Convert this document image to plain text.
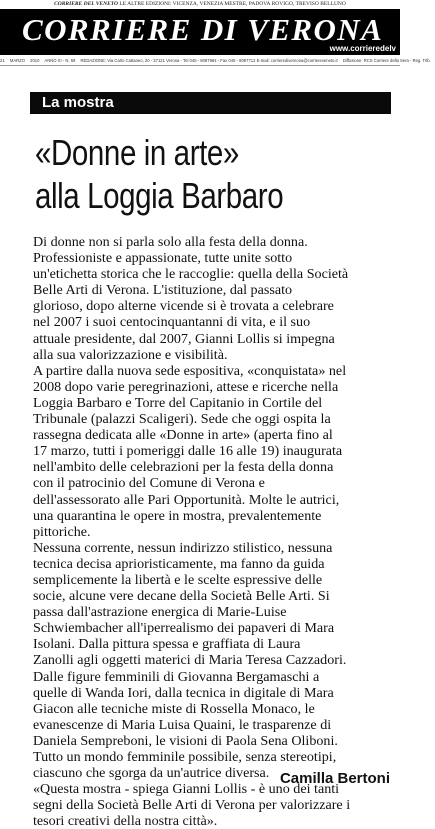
CORRIERE DEL VENETO LE ALTRE EDIZIONI: VICENZA, VENEZIA MESTRE, PADOVA ROVIGO, TREVISO BELLUNO
CORRIERE DI VERONA
www.corrieredelv
21 MARZO 2010 ANNO XI - N. 59 REDAZIONE: Via Carlo Cattaneo, 20 - 37121 Verona - Tel 045 - 8087984 - Fax 045 - 8087712 E-mail: corrieredivernona@corriereveneto.it Diffusione: RCS Corriere della Sera - Reg. Trib.
La mostra
«Donne in arte»
alla Loggia Barbaro
Di donne non si parla solo alla festa della donna.
Professioniste e appassionate, tutte unite sotto
un'etichetta storica che le raccoglie: quella della Società
Belle Arti di Verona. L'istituzione, dal passato
glorioso, dopo alterne vicende si è trovata a celebrare
nel 2007 i suoi centocinquantanni di vita, e il suo
attuale presidente, dal 2007, Gianni Lollis si impegna
alla sua valorizzazione e visibilità.
A partire dalla nuova sede espositiva, «conquistata» nel
2008 dopo varie peregrinazioni, attese e ricerche nella
Loggia Barbaro e Torre del Capitanio in Cortile del
Tribunale (palazzi Scaligeri). Sede che oggi ospita la
rassegna dedicata alle «Donne in arte» (aperta fino al
17 marzo, tutti i pomeriggi dalle 16 alle 19) inaugurata
nell'ambito delle celebrazioni per la festa della donna
con il patrocinio del Comune di Verona e
dell'assessorato alle Pari Opportunità. Molte le autrici,
una quarantina le opere in mostra, prevalentemente
pittoriche.
Nessuna corrente, nessun indirizzo stilistico, nessuna
tecnica decisa aprioristicamente, ma fanno da guida
semplicemente la libertà e le scelte espressive delle
socie, alcune vere decane della Società Belle Arti. Si
passa dall'astrazione energica di Marie-Luise
Schwiembacher all'iperrealismo dei papaveri di Mara
Isolani. Dalla pittura spessa e graffiata di Laura
Zanolli agli oggetti materici di Maria Teresa Cazzadori.
Dalle figure femminili di Giovanna Bergamaschi a
quelle di Wanda Iori, dalla tecnica in digitale di Mara
Giacon alle tecniche miste di Rossella Monaco, le
evanescenze di Maria Luisa Quaini, le trasparenze di
Daniela Sempreboni, le visioni di Paola Sena Oliboni.
Tutto un mondo femminile possibile, senza stereotipi,
ciascuno che sgorga da un'autrice diversa.
«Questa mostra - spiega Gianni Lollis - è uno dei tanti
segni della Società Belle Arti di Verona per valorizzare i
tesori creativi della nostra città».
Camilla Bertoni
